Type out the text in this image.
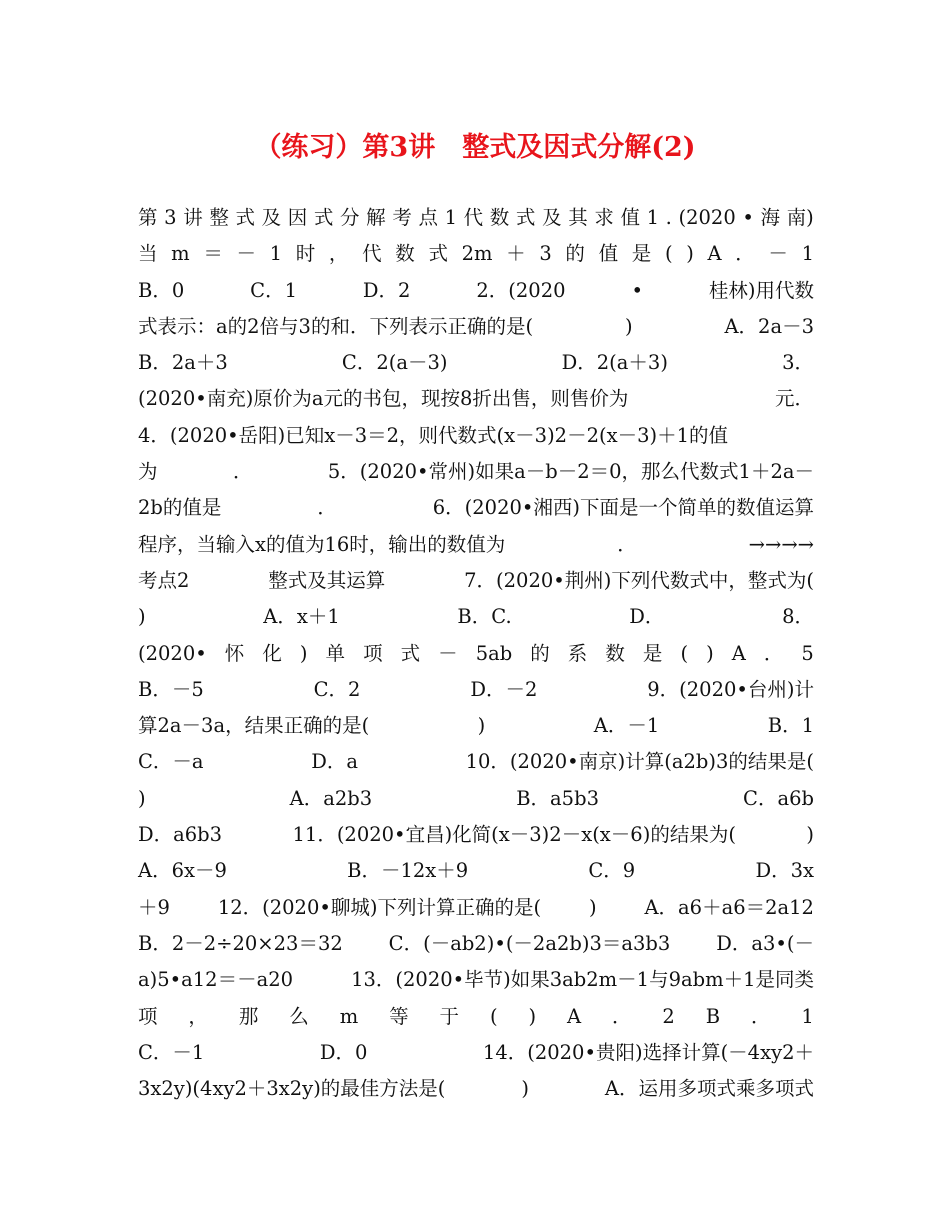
（练习）第3讲　整式及因式分解(2)
第 3 讲 整 式 及 因 式 分 解 考 点 1 代 数 式 及 其 求 值 1 . (2020 • 海 南)
当 m ＝ － 1 时 ， 代 数 式 2m ＋ 3 的 值 是 ( ) A ． － 1
B．0	C．1	D．2	2．(2020	•	桂林)用代数
式表示：a的2倍与3的和．下列表示正确的是(	)	A．2a－3
B．2a＋3	C．2(a－3)	D．2(a＋3)	3．
(2020•南充)原价为a元的书包，现按8折出售，则售价为	元．
4．(2020•岳阳)已知x－3＝2，则代数式(x－3)2－2(x－3)＋1的值
为	．	5．(2020•常州)如果a－b－2＝0，那么代数式1＋2a－
2b的值是	．	6．(2020•湘西)下面是一个简单的数值运算
程序，当输入x的值为16时，输出的数值为	．	→→→→
考点2	整式及其运算	7．(2020•荆州)下列代数式中，整式为(
)	A．x＋1	B．C.	D．	8．
(2020• 怀 化 ) 单 项 式 － 5ab 的 系 数 是 ( ) A ． 5
B．－5	C．2	D．－2	9．(2020•台州)计
算2a－3a，结果正确的是(	)	A．－1	B．1
C．－a	D．a	10．(2020•南京)计算(a2b)3的结果是(
)	A．a2b3	B．a5b3	C．a6b
D．a6b3	11．(2020•宜昌)化简(x－3)2－x(x－6)的结果为(	)
A．6x－9	B．－12x＋9	C．9	D．3x
＋9 12．(2020•聊城)下列计算正确的是( ) A．a6＋a6＝2a12
B．2－2÷20×23＝32 C．(－ab2)•(－2a2b)3＝a3b3 D．a3•(－
a)5•a12＝－a20	13．(2020•毕节)如果3ab2m－1与9abm＋1是同类
项 ， 那 么 m 等 于 ( ) A ． 2 B ． 1
C．－1	D．0	14．(2020•贵阳)选择计算(－4xy2＋
3x2y)(4xy2＋3x2y)的最佳方法是(	)	A．运用多项式乘多项式
